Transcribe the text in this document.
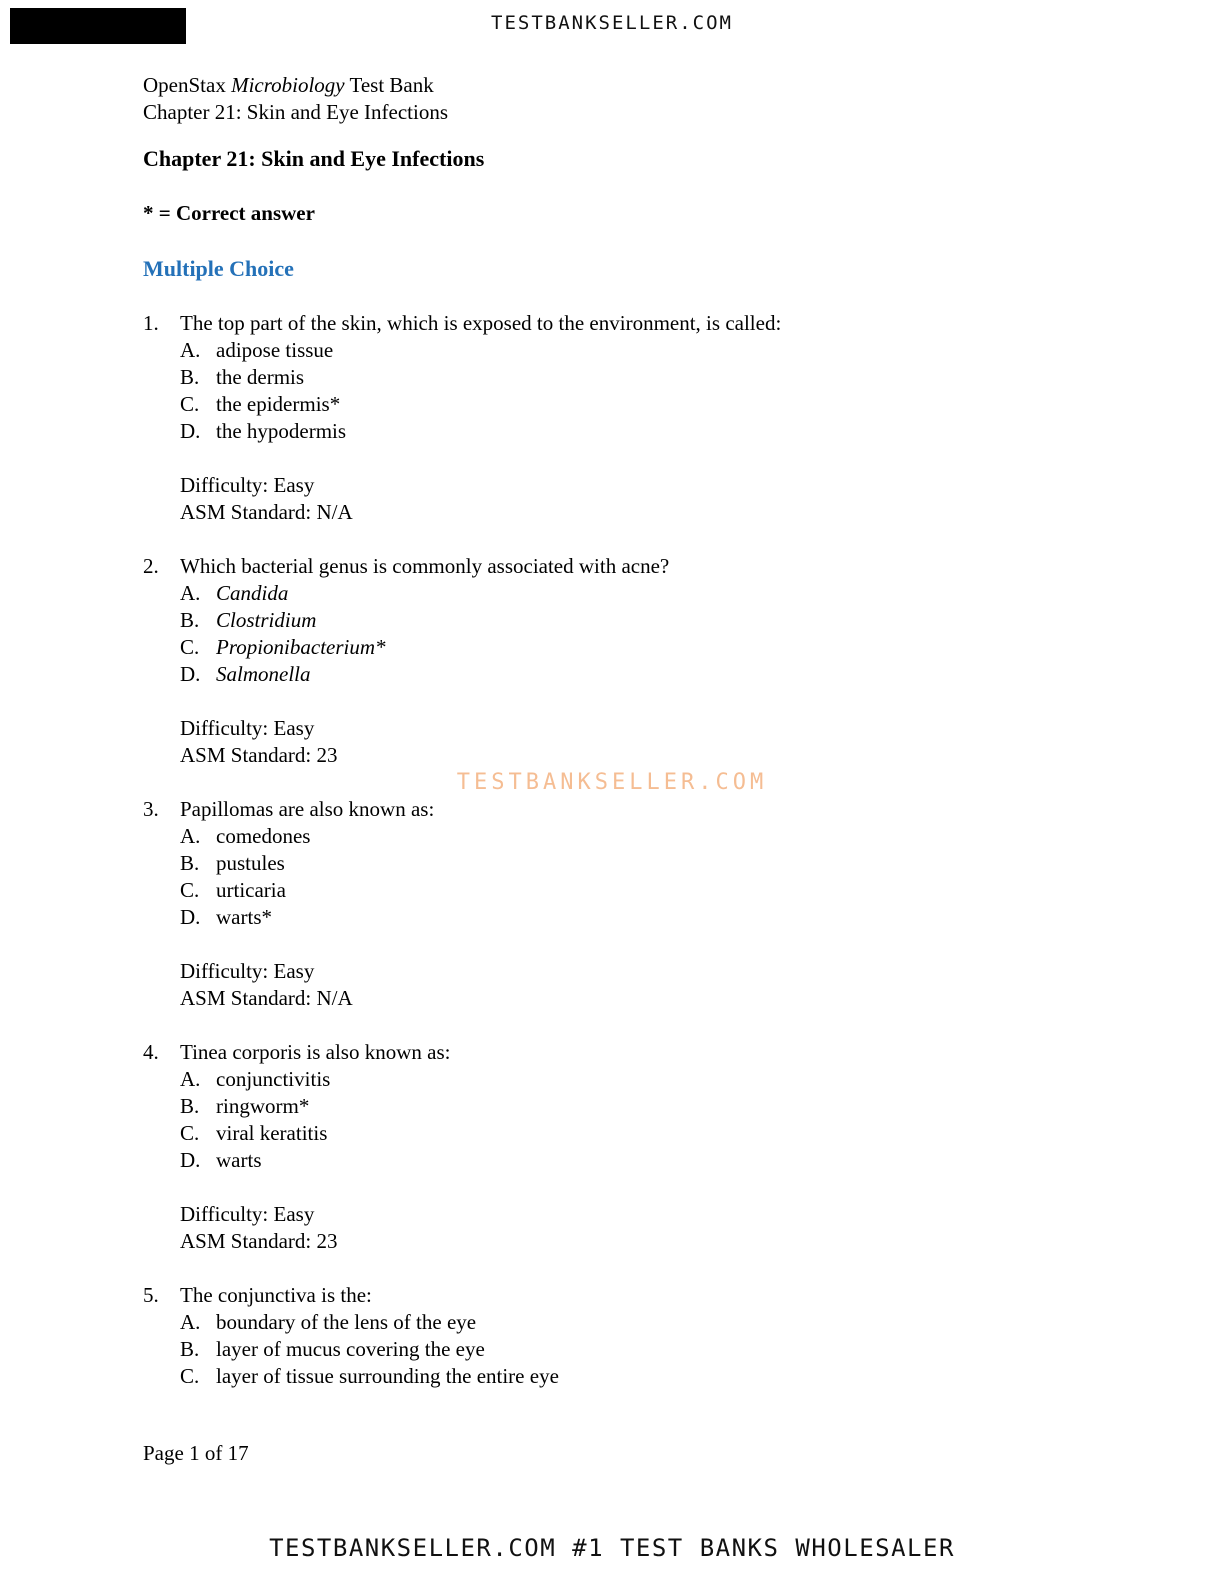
TESTBANKSELLER.COM
TESTBANKSELLER.COM
OpenStax Microbiology Test Bank
Chapter 21: Skin and Eye Infections
Chapter 21: Skin and Eye Infections
* = Correct answer
Multiple Choice
1.	The top part of the skin, which is exposed to the environment, is called:
A. adipose tissue
B. the dermis
C. the epidermis*
D. the hypodermis
Difficulty: Easy
ASM Standard: N/A
2.	Which bacterial genus is commonly associated with acne?
A. Candida
B. Clostridium
C. Propionibacterium*
D. Salmonella
Difficulty: Easy
ASM Standard: 23
3.	Papillomas are also known as:
A. comedones
B. pustules
C. urticaria
D. warts*
Difficulty: Easy
ASM Standard: N/A
4.	Tinea corporis is also known as:
A. conjunctivitis
B. ringworm*
C. viral keratitis
D. warts
Difficulty: Easy
ASM Standard: 23
5.	The conjunctiva is the:
A. boundary of the lens of the eye
B. layer of mucus covering the eye
C. layer of tissue surrounding the entire eye
Page 1 of 17
TESTBANKSELLER.COM #1 TEST BANKS WHOLESALER
